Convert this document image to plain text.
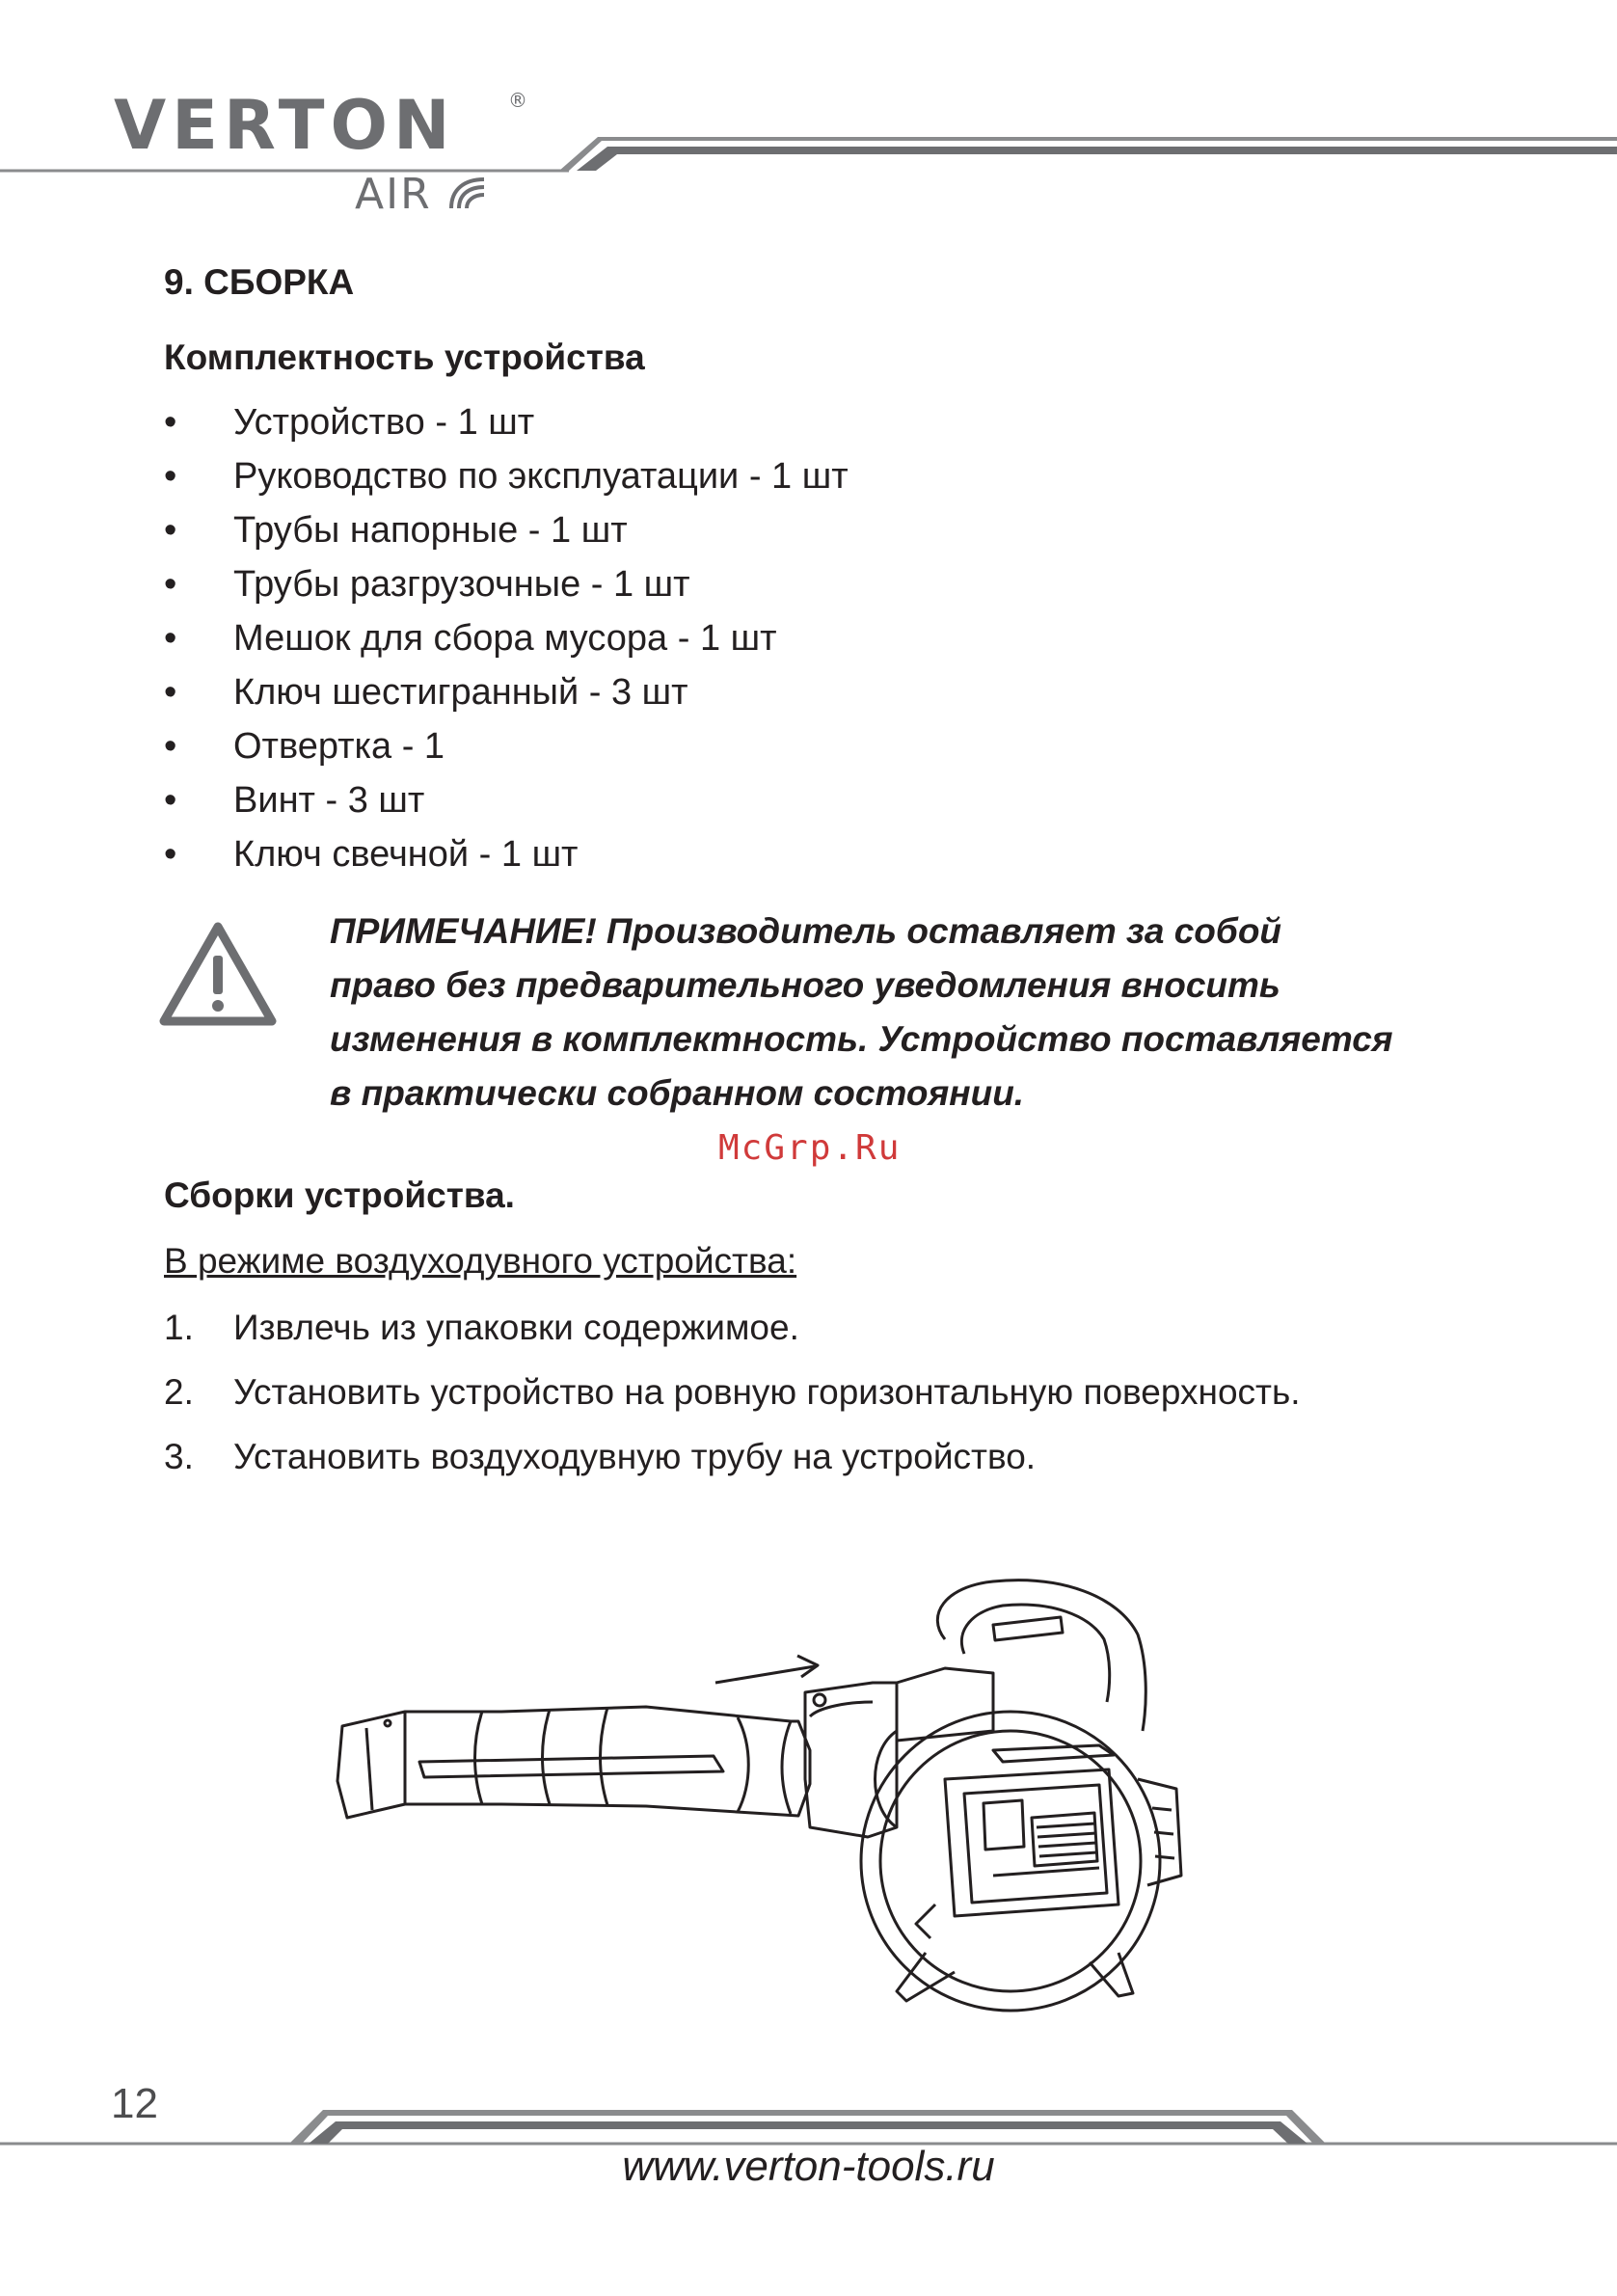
VERTON	®
AIR
9. СБОРКА
Комплектность устройства
•	Устройство - 1 шт
•	Руководство по эксплуатации - 1 шт
•	Трубы напорные - 1 шт
•	Трубы разгрузочные - 1 шт
•	Мешок для сбора мусора - 1 шт
•	Ключ шестигранный - 3 шт
•	Отвертка - 1
•	Винт - 3 шт
•	Ключ свечной - 1 шт
ПРИМЕЧАНИЕ! Производитель оставляет за собой
право без предварительного уведомления вносить
изменения в комплектность. Устройство поставляется
в практически собранном состоянии.
McGrp.Ru
Сборки устройства.
В режиме воздуходувного устройства:
1.	Извлечь из упаковки содержимое.
2.	Установить устройство на ровную горизонтальную поверхность.
3.	Установить воздуходувную трубу на устройство.
12
www.verton-tools.ru
